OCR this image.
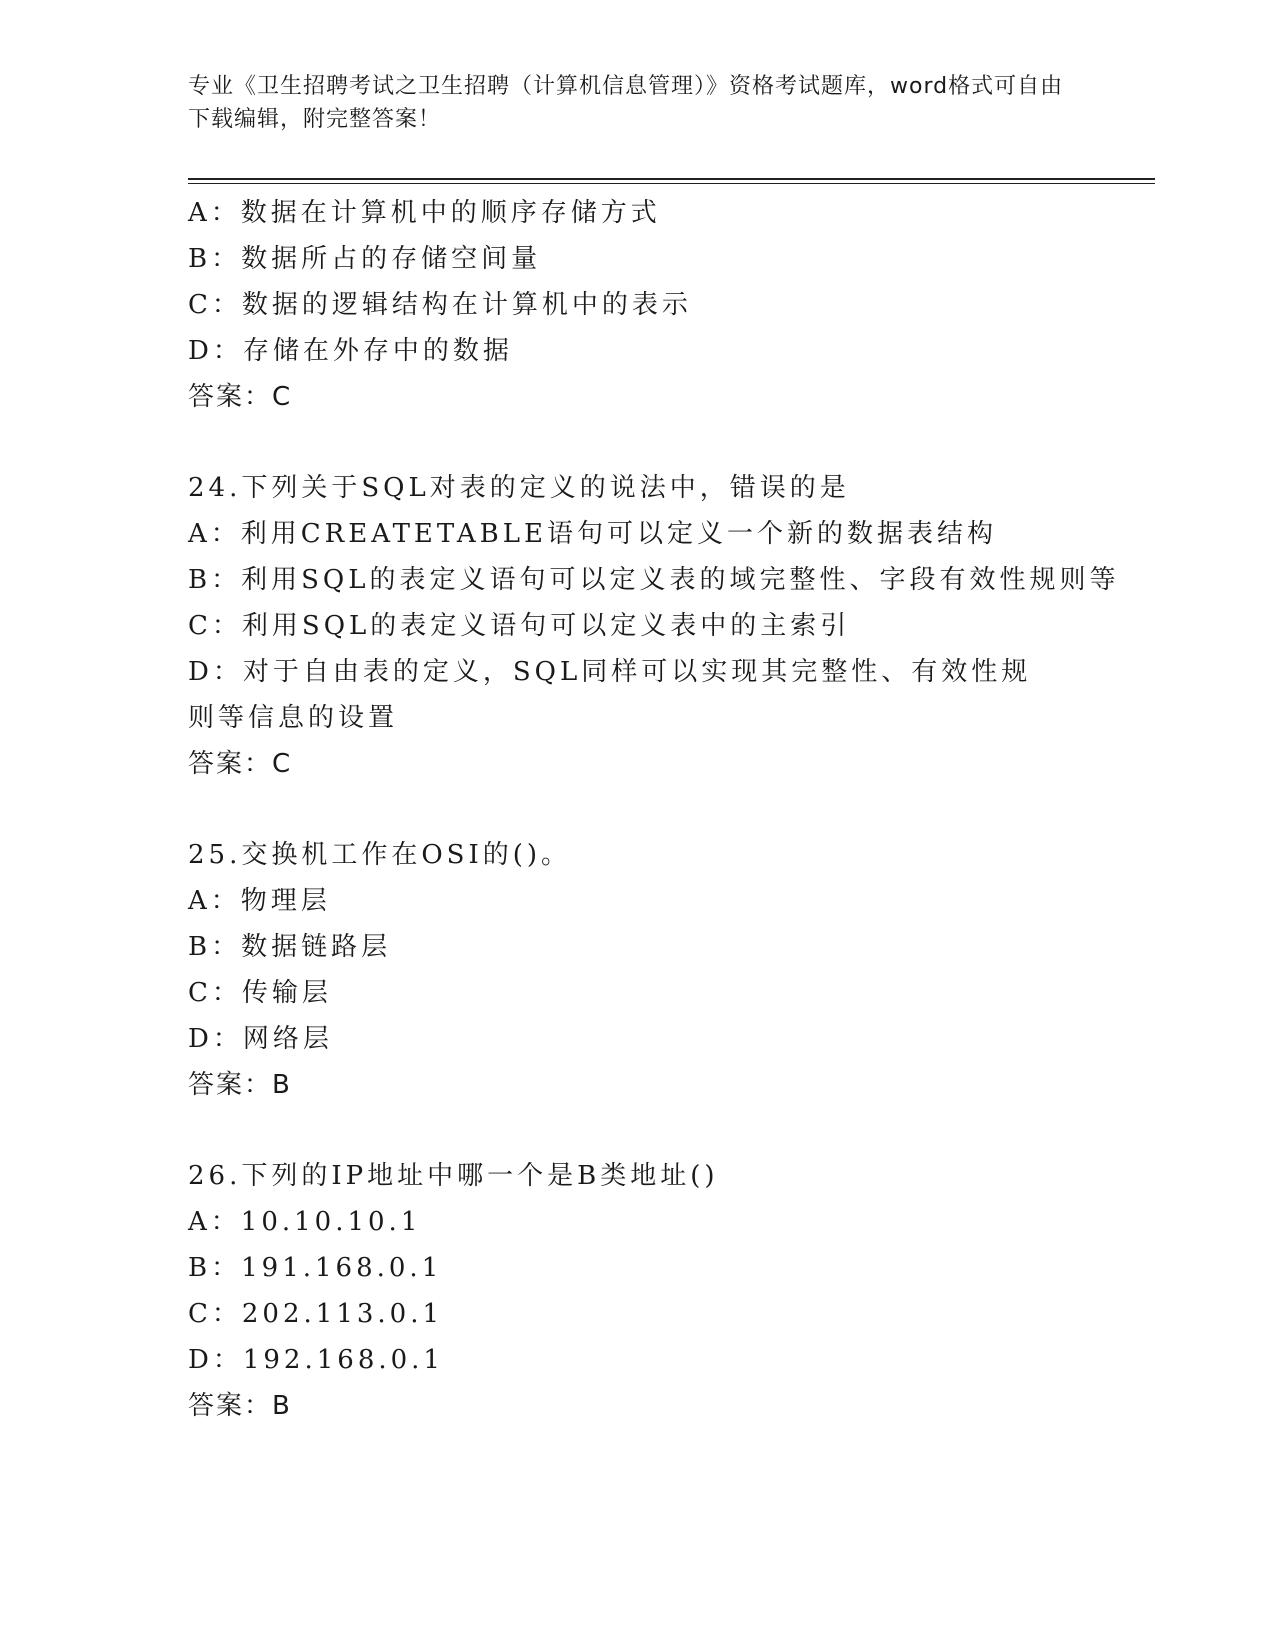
专业《卫生招聘考试之卫生招聘（计算机信息管理）》资格考试题库，word格式可自由下载编辑，附完整答案！
A：数据在计算机中的顺序存储方式
B：数据所占的存储空间量
C：数据的逻辑结构在计算机中的表示
D：存储在外存中的数据
答案：C
24.下列关于SQL对表的定义的说法中，错误的是
A：利用CREATETABLE语句可以定义一个新的数据表结构
B：利用SQL的表定义语句可以定义表的域完整性、字段有效性规则等
C：利用SQL的表定义语句可以定义表中的主索引
D：对于自由表的定义，SQL同样可以实现其完整性、有效性规则等信息的设置
答案：C
25.交换机工作在OSI的()。
A：物理层
B：数据链路层
C：传输层
D：网络层
答案：B
26.下列的IP地址中哪一个是B类地址()
A：10.10.10.1
B：191.168.0.1
C：202.113.0.1
D：192.168.0.1
答案：B
